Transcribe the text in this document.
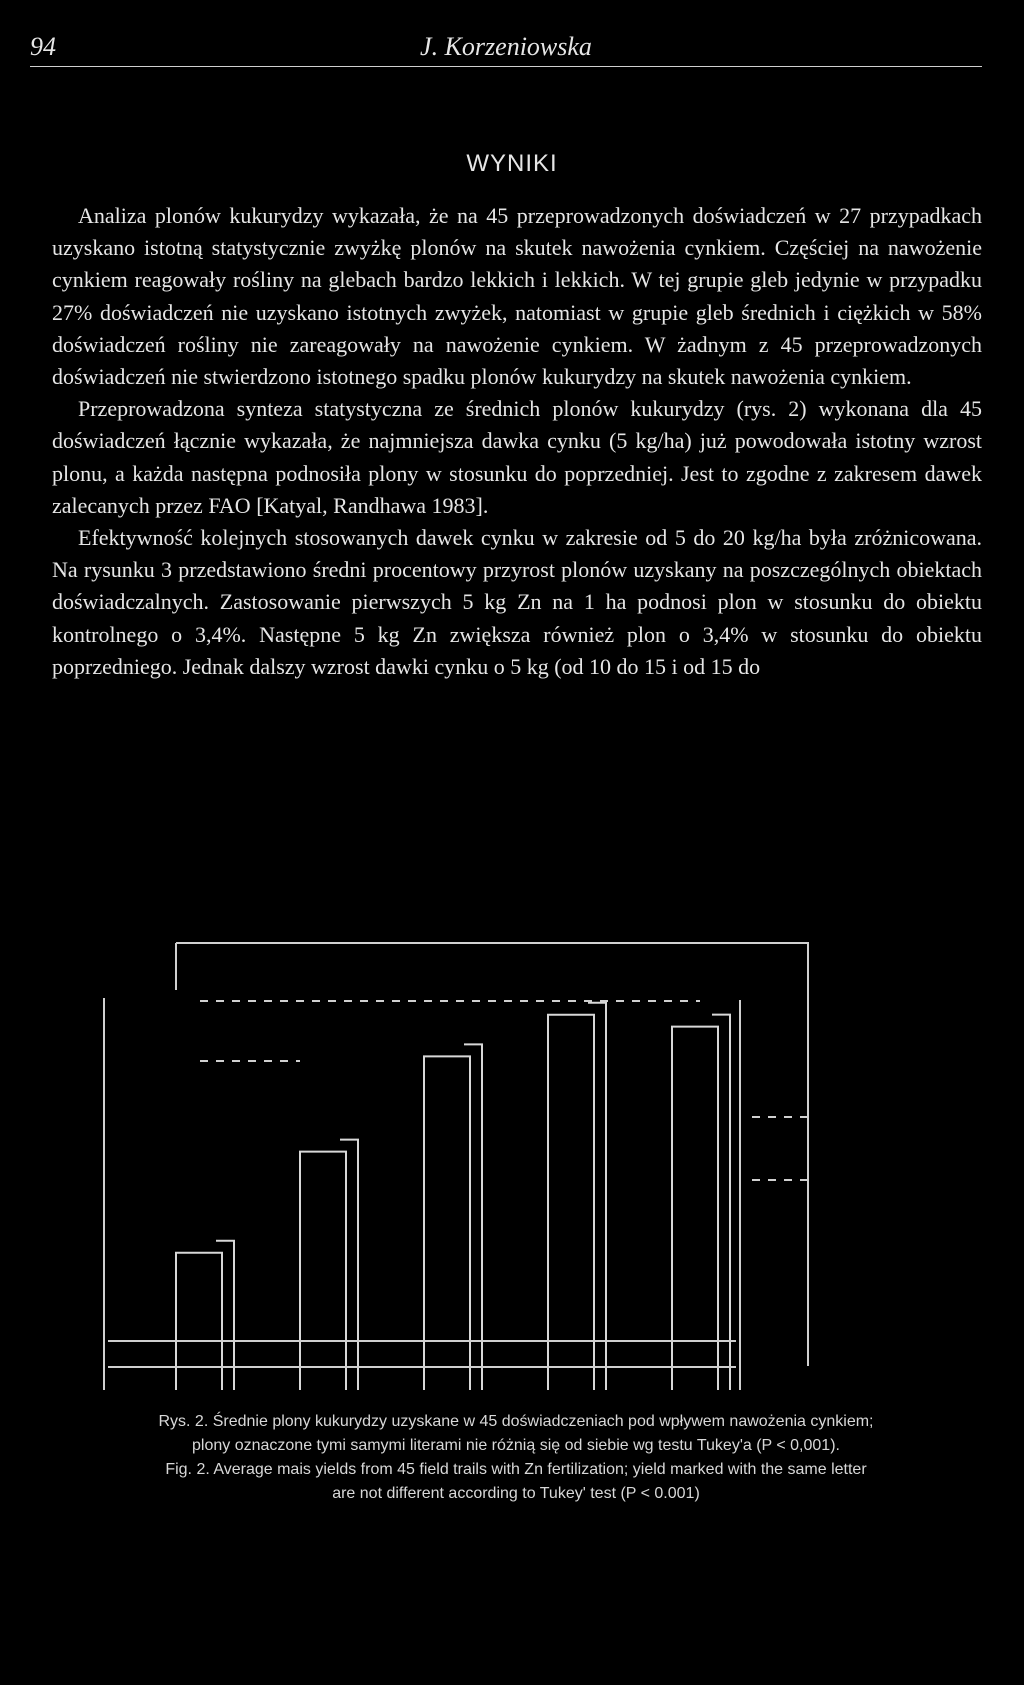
94	J. Korzeniowska
WYNIKI

Analiza plonów kukurydzy wykazała, że na 45 przeprowadzonych doświadczeń w 27 przypadkach uzyskano istotną statystycznie zwyżkę plonów na skutek nawożenia cynkiem. Częściej na nawożenie cynkiem reagowały rośliny na glebach bardzo lekkich i lekkich. W tej grupie gleb jedynie w przypadku 27% doświadczeń nie uzyskano istotnych zwyżek, natomiast w grupie gleb średnich i ciężkich w 58% doświadczeń rośliny nie zareagowały na nawożenie cynkiem. W żadnym z 45 przeprowadzonych doświadczeń nie stwierdzono istotnego spadku plonów kukurydzy na skutek nawożenia cynkiem.

Przeprowadzona synteza statystyczna ze średnich plonów kukurydzy (rys. 2) wykonana dla 45 doświadczeń łącznie wykazała, że najmniejsza dawka cynku (5 kg/ha) już powodowała istotny wzrost plonu, a każda następna podnosiła plony w stosunku do poprzedniej. Jest to zgodne z zakresem dawek zalecanych przez FAO [Katyal, Randhawa 1983].

Efektywność kolejnych stosowanych dawek cynku w zakresie od 5 do 20 kg/ha była zróżnicowana. Na rysunku 3 przedstawiono średni procentowy przyrost plonów uzyskany na poszczególnych obiektach doświadczalnych. Zastosowanie pierwszych 5 kg Zn na 1 ha podnosi plon w stosunku do obiektu kontrolnego o 3,4%. Następne 5 kg Zn zwiększa również plon o 3,4% w stosunku do obiektu poprzedniego. Jednak dalszy wzrost dawki cynku o 5 kg (od 10 do 15 i od 15 do

Rys. 2. Średnie plony kukurydzy uzyskane w 45 doświadczeniach pod wpływem nawożenia cynkiem;

plony oznaczone tymi samymi literami nie różnią się od siebie wg testu Tukey'a (P < 0,001).

Fig. 2. Average mais yields from 45 field trails with Zn fertilization; yield marked with the same letter

are not different according to Tukey' test (P < 0.001)
